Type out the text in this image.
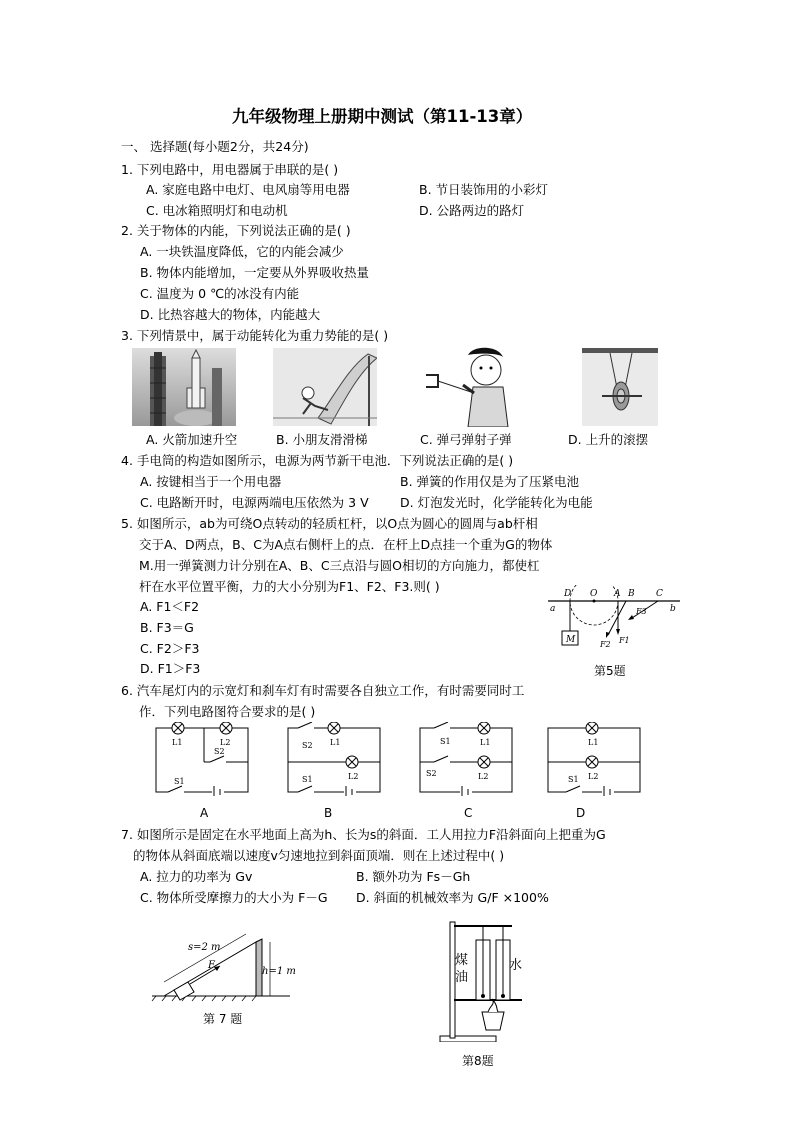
九年级物理上册期中测试（第11-13章）
一、 选择题(每小题2分，共24分)
1. 下列电路中，用电器属于串联的是( )
A. 家庭电路中电灯、电风扇等用电器	B. 节日装饰用的小彩灯
C. 电冰箱照明灯和电动机	D. 公路两边的路灯
2. 关于物体的内能，下列说法正确的是( )
A. 一块铁温度降低，它的内能会减少
B. 物体内能增加，一定要从外界吸收热量
C. 温度为 0 ℃的冰没有内能
D. 比热容越大的物体，内能越大
3. 下列情景中，属于动能转化为重力势能的是( )
A. 火箭加速升空	B. 小朋友滑滑梯	C. 弹弓弹射子弹	D. 上升的滚摆
4. 手电筒的构造如图所示，电源为两节新干电池．下列说法正确的是( )
A. 按键相当于一个用电器	B. 弹簧的作用仅是为了压紧电池
C. 电路断开时，电源两端电压依然为 3 V	D. 灯泡发光时，化学能转化为电能
5. 如图所示，ab为可绕O点转动的轻质杠杆，以O点为圆心的圆周与ab杆相
交于A、D两点，B、C为A点右侧杆上的点．在杆上D点挂一个重为G的物体
M.用一弹簧测力计分别在A、B、C三点沿与圆O相切的方向施力，都使杠
杆在水平位置平衡，力的大小分别为F1、F2、F3.则( )
A. F1＜F2
B. F3＝G
C. F2＞F3
D. F1＞F3
D O A B C
a	b
M	F1
F2
F3
第5题
6. 汽车尾灯内的示宽灯和刹车灯有时需要各自独立工作，有时需要同时工
作．下列电路图符合要求的是( )
L1	L2
S1
S2
S2 L1
S1	L2
S1	L1
S2	L2
L1
S1 L2
A	B	C	D
7. 如图所示是固定在水平地面上高为h、长为s的斜面．工人用拉力F沿斜面向上把重为G
的物体从斜面底端以速度v匀速地拉到斜面顶端．则在上述过程中( )
A. 拉力的功率为 Gv	B. 额外功为 Fs－Gh
C. 物体所受摩擦力的大小为 F－G D. 斜面的机械效率为 G/F ×100%
s=2 m
F
h=1 m
第 7 题
煤油
水
第8题
